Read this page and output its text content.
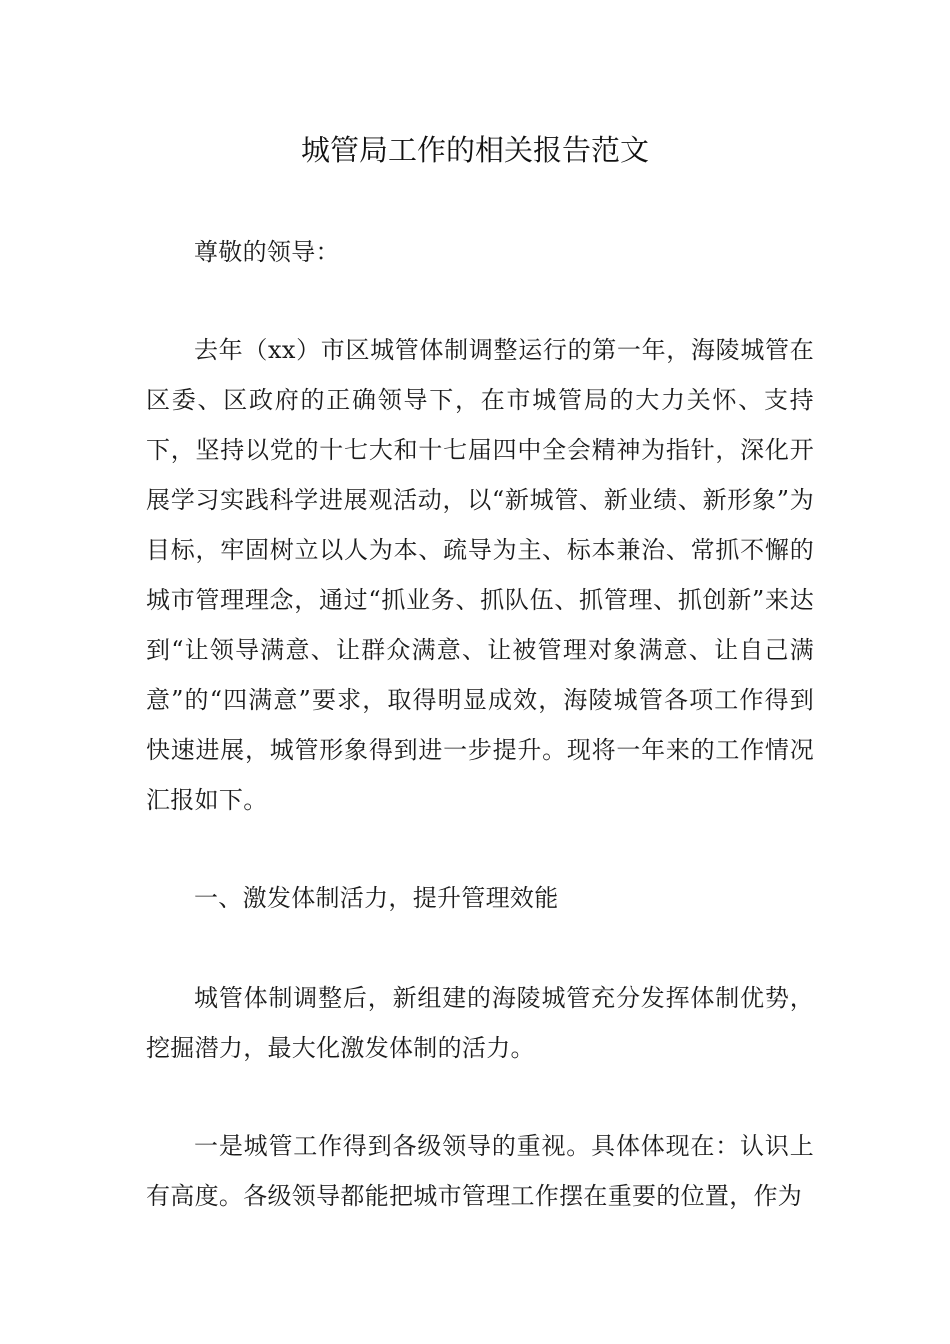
城管局工作的相关报告范文

尊敬的领导：

去年（xx）市区城管体制调整运行的第一年，海陵城管在区委、区政府的正确领导下，在市城管局的大力关怀、支持下，坚持以党的十七大和十七届四中全会精神为指针，深化开展学习实践科学进展观活动，以“新城管、新业绩、新形象”为目标，牢固树立以人为本、疏导为主、标本兼治、常抓不懈的城市管理理念，通过“抓业务、抓队伍、抓管理、抓创新”来达到“让领导满意、让群众满意、让被管理对象满意、让自己满意”的“四满意”要求，取得明显成效，海陵城管各项工作得到快速进展，城管形象得到进一步提升。现将一年来的工作情况汇报如下。

一、激发体制活力，提升管理效能

城管体制调整后，新组建的海陵城管充分发挥体制优势，挖掘潜力，最大化激发体制的活力。

一是城管工作得到各级领导的重视。具体体现在：认识上有高度。各级领导都能把城市管理工作摆在重要的位置，作为
